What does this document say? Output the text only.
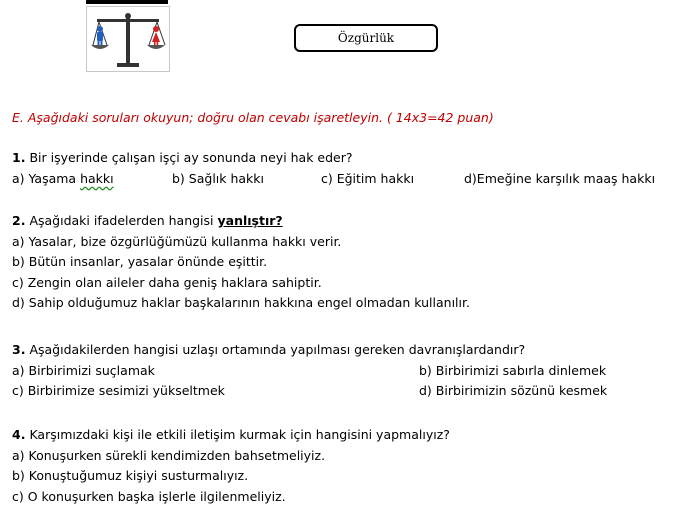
Özgürlük
E. Aşağıdaki soruları okuyun; doğru olan cevabı işaretleyin. ( 14x3=42 puan)
1. Bir işyerinde çalışan işçi ay sonunda neyi hak eder?
a) Yaşama hakkı	b) Sağlık hakkı	c) Eğitim hakkı	d)Emeğine karşılık maaş hakkı
2. Aşağıdaki ifadelerden hangisi yanlıştır?
a) Yasalar, bize özgürlüğümüzü kullanma hakkı verir.
b) Bütün insanlar, yasalar önünde eşittir.
c) Zengin olan aileler daha geniş haklara sahiptir.
d) Sahip olduğumuz haklar başkalarının hakkına engel olmadan kullanılır.
3. Aşağıdakilerden hangisi uzlaşı ortamında yapılması gereken davranışlardandır?
a) Birbirimizi suçlamak	b) Birbirimizi sabırla dinlemek
c) Birbirimize sesimizi yükseltmek	d) Birbirimizin sözünü kesmek
4. Karşımızdaki kişi ile etkili iletişim kurmak için hangisini yapmalıyız?
a) Konuşurken sürekli kendimizden bahsetmeliyiz.
b) Konuştuğumuz kişiyi susturmalıyız.
c) O konuşurken başka işlerle ilgilenmeliyiz.
